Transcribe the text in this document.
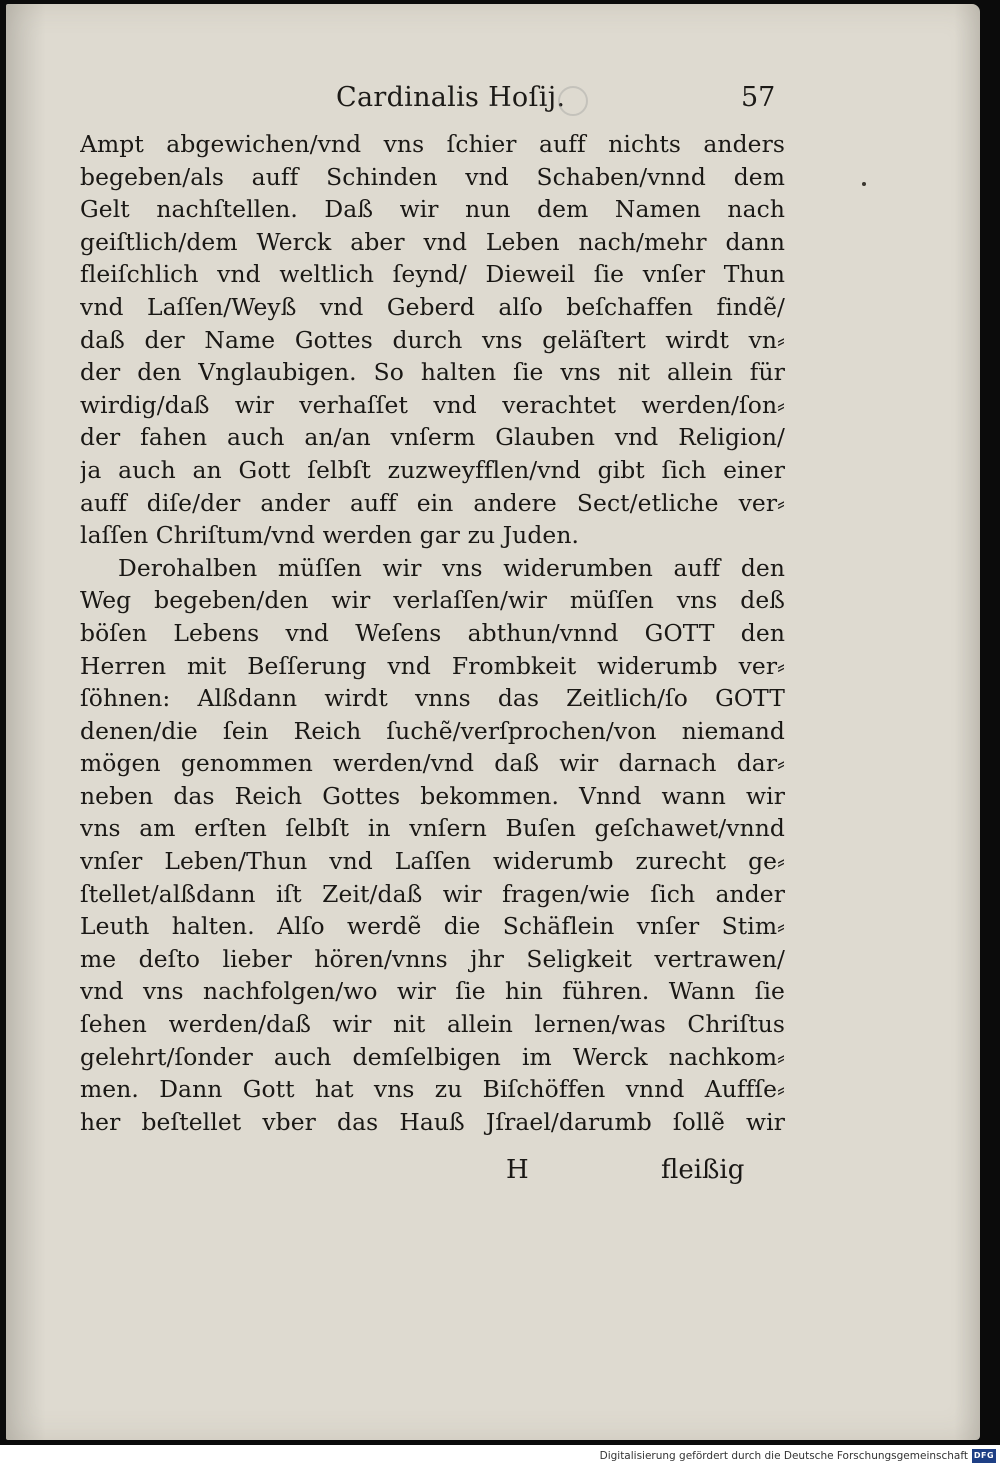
Cardinalis Hoſij.	57
Ampt abgewichen/vnd vns ſchier auff nichts anders
begeben/als auff Schinden vnd Schaben/vnnd dem
Gelt nachſtellen. Daß wir nun dem Namen nach
geiſtlich/dem Werck aber vnd Leben nach/mehr dann
fleiſchlich vnd weltlich ſeynd/ Dieweil ſie vnſer Thun
vnd Laſſen/Weyß vnd Geberd alſo beſchaffen findẽ/
daß der Name Gottes durch vns geläſtert wirdt vn⸗
der den Vnglaubigen. So halten ſie vns nit allein für
wirdig/daß wir verhaſſet vnd verachtet werden/ſon⸗
der fahen auch an/an vnſerm Glauben vnd Religion/
ja auch an Gott ſelbſt zuzweyfflen/vnd gibt ſich einer
auff diſe/der ander auff ein andere Sect/etliche ver⸗
laſſen Chriſtum/vnd werden gar zu Juden.
Derohalben müſſen wir vns widerumben auff den
Weg begeben/den wir verlaſſen/wir müſſen vns deß
böſen Lebens vnd Weſens abthun/vnnd GOTT den
Herren mit Beſſerung vnd Frombkeit widerumb ver⸗
ſöhnen: Alßdann wirdt vnns das Zeitlich/ſo GOTT
denen/die ſein Reich ſuchẽ/verſprochen/von niemand
mögen genommen werden/vnd daß wir darnach dar⸗
neben das Reich Gottes bekommen. Vnnd wann wir
vns am erſten ſelbſt in vnſern Buſen geſchawet/vnnd
vnſer Leben/Thun vnd Laſſen widerumb zurecht ge⸗
ſtellet/alßdann iſt Zeit/daß wir fragen/wie ſich ander
Leuth halten. Alſo werdẽ die Schäflein vnſer Stim⸗
me deſto lieber hören/vnns jhr Seligkeit vertrawen/
vnd vns nachfolgen/wo wir ſie hin führen. Wann ſie
ſehen werden/daß wir nit allein lernen/was Chriſtus
gelehrt/ſonder auch demſelbigen im Werck nachkom⸗
men. Dann Gott hat vns zu Biſchöffen vnnd Auffſe⸗
her beſtellet vber das Hauß Jſrael/darumb ſollẽ wir
H	fleißig
Digitalisierung gefördert durch die Deutsche Forschungsgemeinschaft DFG
